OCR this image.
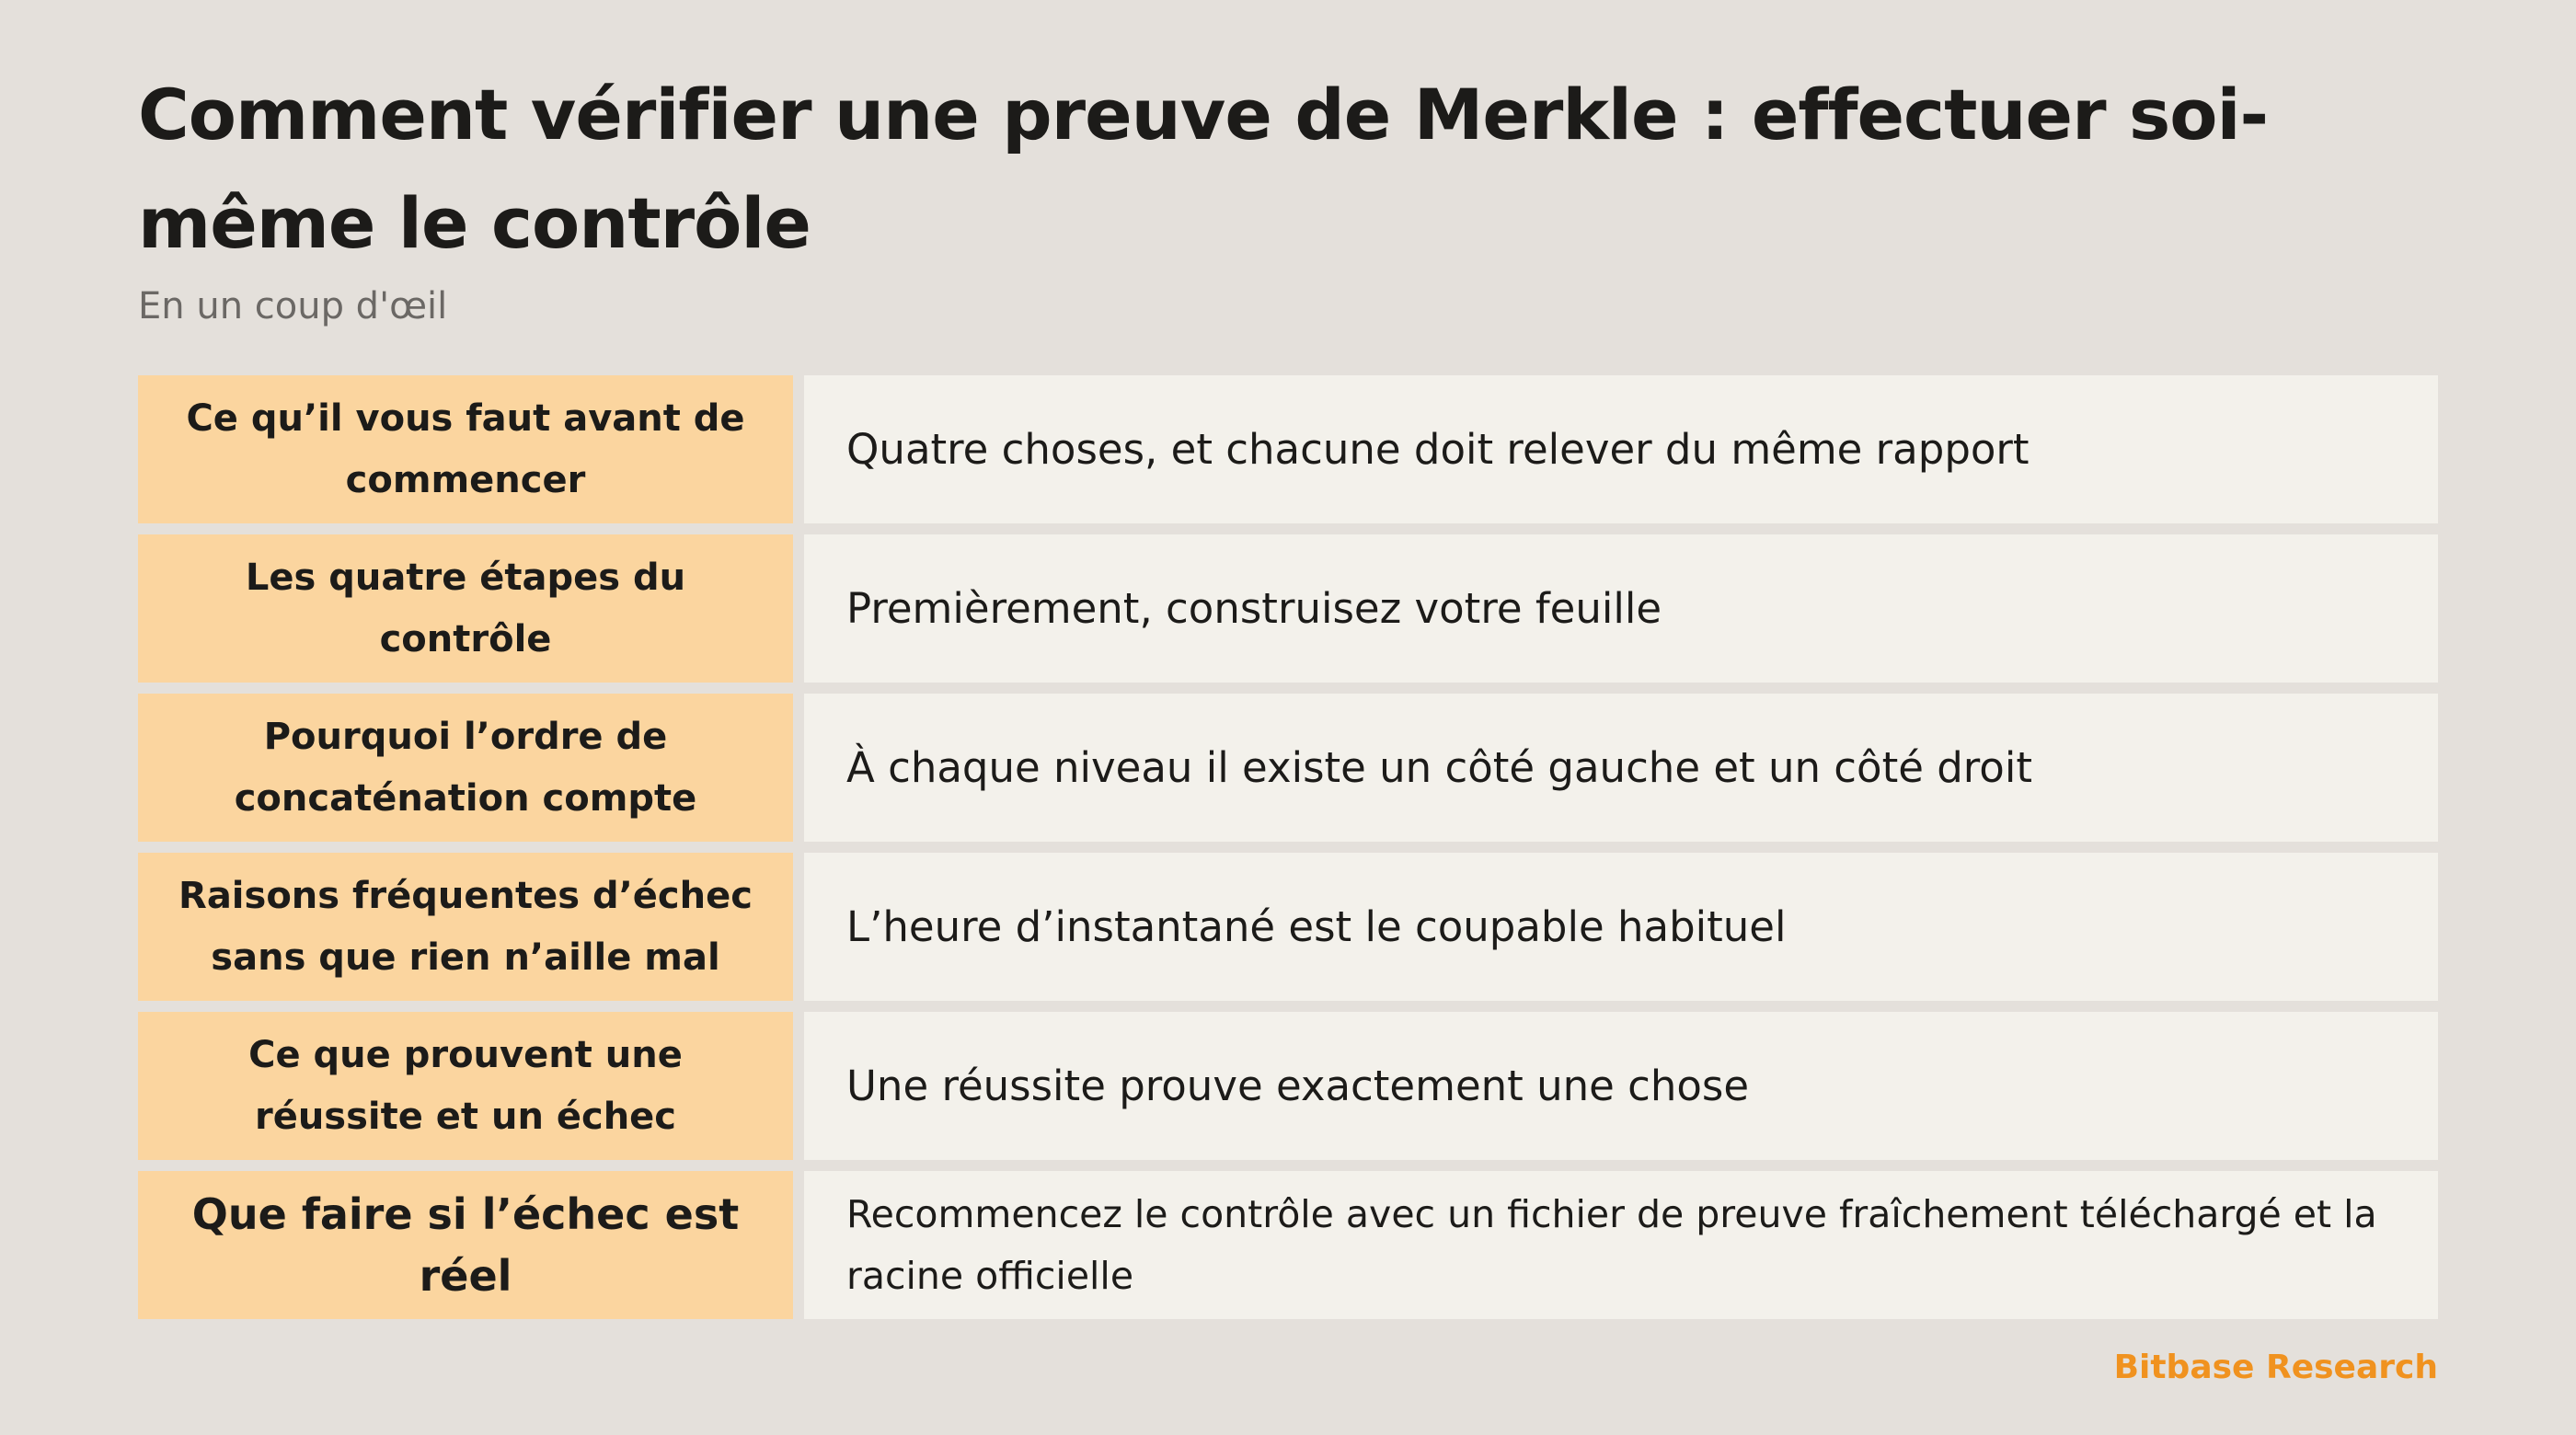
Comment vérifier une preuve de Merkle : effectuer soi-même le contrôle
En un coup d'œil
Ce qu’il vous faut avant de commencer
Quatre choses, et chacune doit relever du même rapport
Les quatre étapes du contrôle
Premièrement, construisez votre feuille
Pourquoi l’ordre de concaténation compte
À chaque niveau il existe un côté gauche et un côté droit
Raisons fréquentes d’échec sans que rien n’aille mal
L’heure d’instantané est le coupable habituel
Ce que prouvent une réussite et un échec
Une réussite prouve exactement une chose
Que faire si l’échec est réel
Recommencez le contrôle avec un fichier de preuve fraîchement téléchargé et la racine officielle
Bitbase Research
